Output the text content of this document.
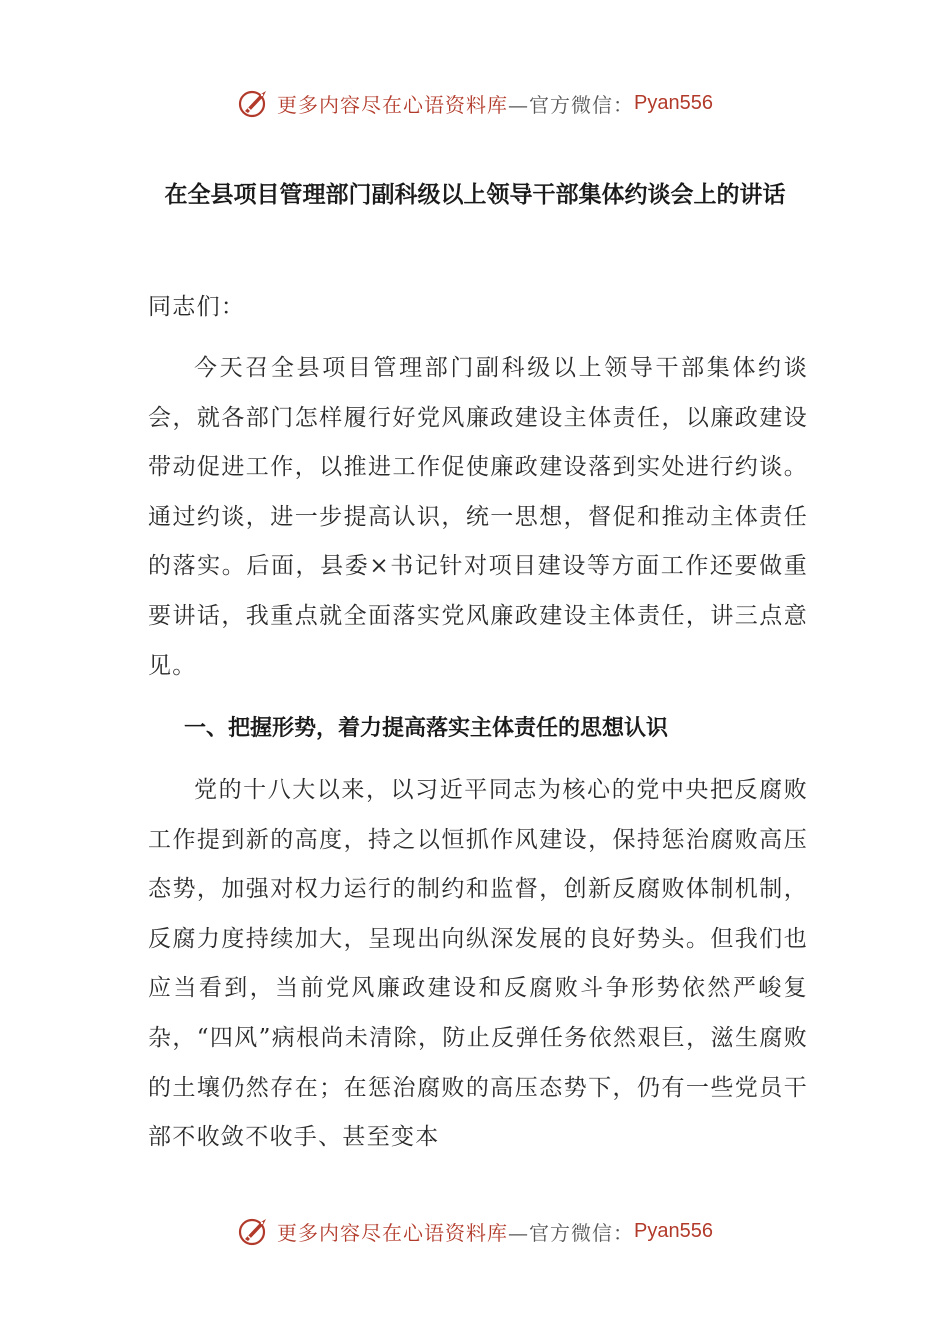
更多内容尽在心语资料库 —官方微信： Pyan556
在全县项目管理部门副科级以上领导干部集体约谈会上的讲话
同志们：
今天召全县项目管理部门副科级以上领导干部集体约谈会，就各部门怎样履行好党风廉政建设主体责任，以廉政建设带动促进工作，以推进工作促使廉政建设落到实处进行约谈。通过约谈，进一步提高认识，统一思想，督促和推动主体责任的落实。后面，县委×书记针对项目建设等方面工作还要做重要讲话，我重点就全面落实党风廉政建设主体责任，讲三点意见。
一、把握形势，着力提高落实主体责任的思想认识
党的十八大以来，以习近平同志为核心的党中央把反腐败工作提到新的高度，持之以恒抓作风建设，保持惩治腐败高压态势，加强对权力运行的制约和监督，创新反腐败体制机制，反腐力度持续加大，呈现出向纵深发展的良好势头。但我们也应当看到，当前党风廉政建设和反腐败斗争形势依然严峻复杂，“四风”病根尚未清除，防止反弹任务依然艰巨，滋生腐败的土壤仍然存在；在惩治腐败的高压态势下，仍有一些党员干部不收敛不收手、甚至变本
更多内容尽在心语资料库 —官方微信： Pyan556
